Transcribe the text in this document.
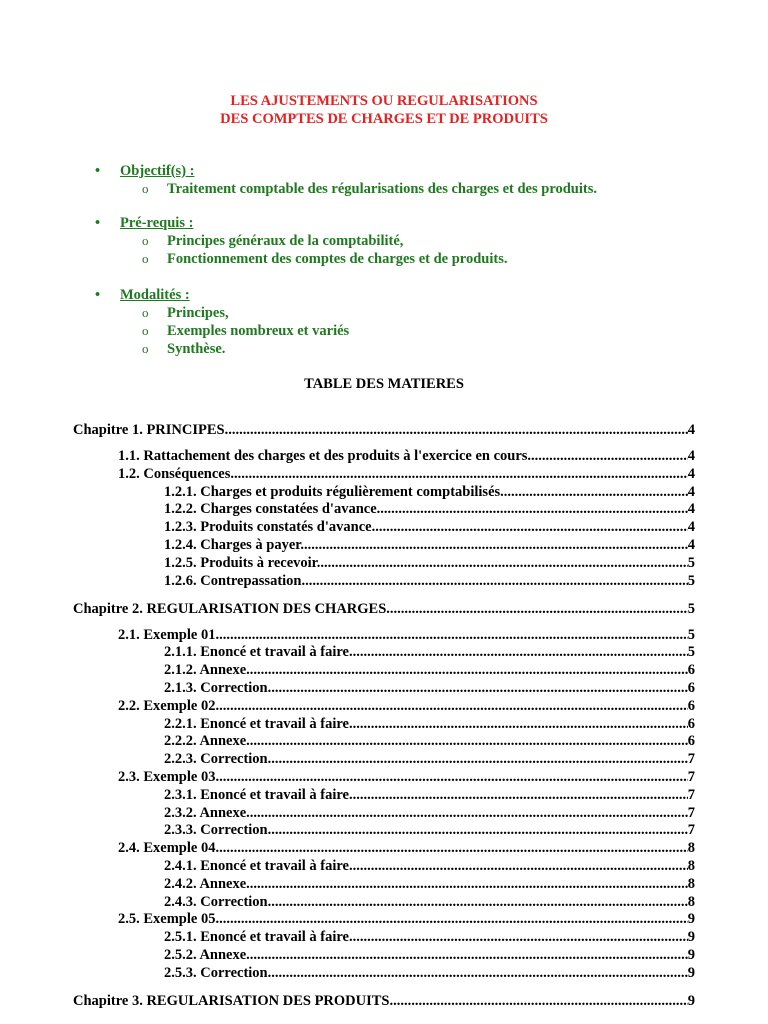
LES AJUSTEMENTS OU REGULARISATIONS
DES COMPTES DE CHARGES ET DE PRODUITS
• Objectif(s) :
o Traitement comptable des régularisations des charges et des produits.
• Pré-requis :
o Principes généraux de la comptabilité,
o Fonctionnement des comptes de charges et de produits.
• Modalités :
o Principes,
o Exemples nombreux et variés
o Synthèse.
TABLE DES MATIERES
Chapitre 1. PRINCIPES. .....	4
1.1. Rattachement des charges et des produits à l'exercice en cours. .....	4
1.2. Conséquences. .....	4
1.2.1. Charges et produits régulièrement comptabilisés. .....	4
1.2.2. Charges constatées d'avance. .....	4
1.2.3. Produits constatés d'avance. .....	4
1.2.4. Charges à payer. .....	4
1.2.5. Produits à recevoir. .....	5
1.2.6. Contrepassation. .....	5
Chapitre 2. REGULARISATION DES CHARGES. .....	5
2.1. Exemple 01. .....	5
2.1.1. Enoncé et travail à faire. .....	5
2.1.2. Annexe. .....	6
2.1.3. Correction. .....	6
2.2. Exemple 02. .....	6
2.2.1. Enoncé et travail à faire. .....	6
2.2.2. Annexe. .....	6
2.2.3. Correction. .....	7
2.3. Exemple 03. .....	7
2.3.1. Enoncé et travail à faire. .....	7
2.3.2. Annexe. .....	7
2.3.3. Correction. .....	7
2.4. Exemple 04. .....	8
2.4.1. Enoncé et travail à faire. .....	8
2.4.2. Annexe. .....	8
2.4.3. Correction. .....	8
2.5. Exemple 05. .....	9
2.5.1. Enoncé et travail à faire. .....	9
2.5.2. Annexe. .....	9
2.5.3. Correction. .....	9
Chapitre 3. REGULARISATION DES PRODUITS. .....	9
